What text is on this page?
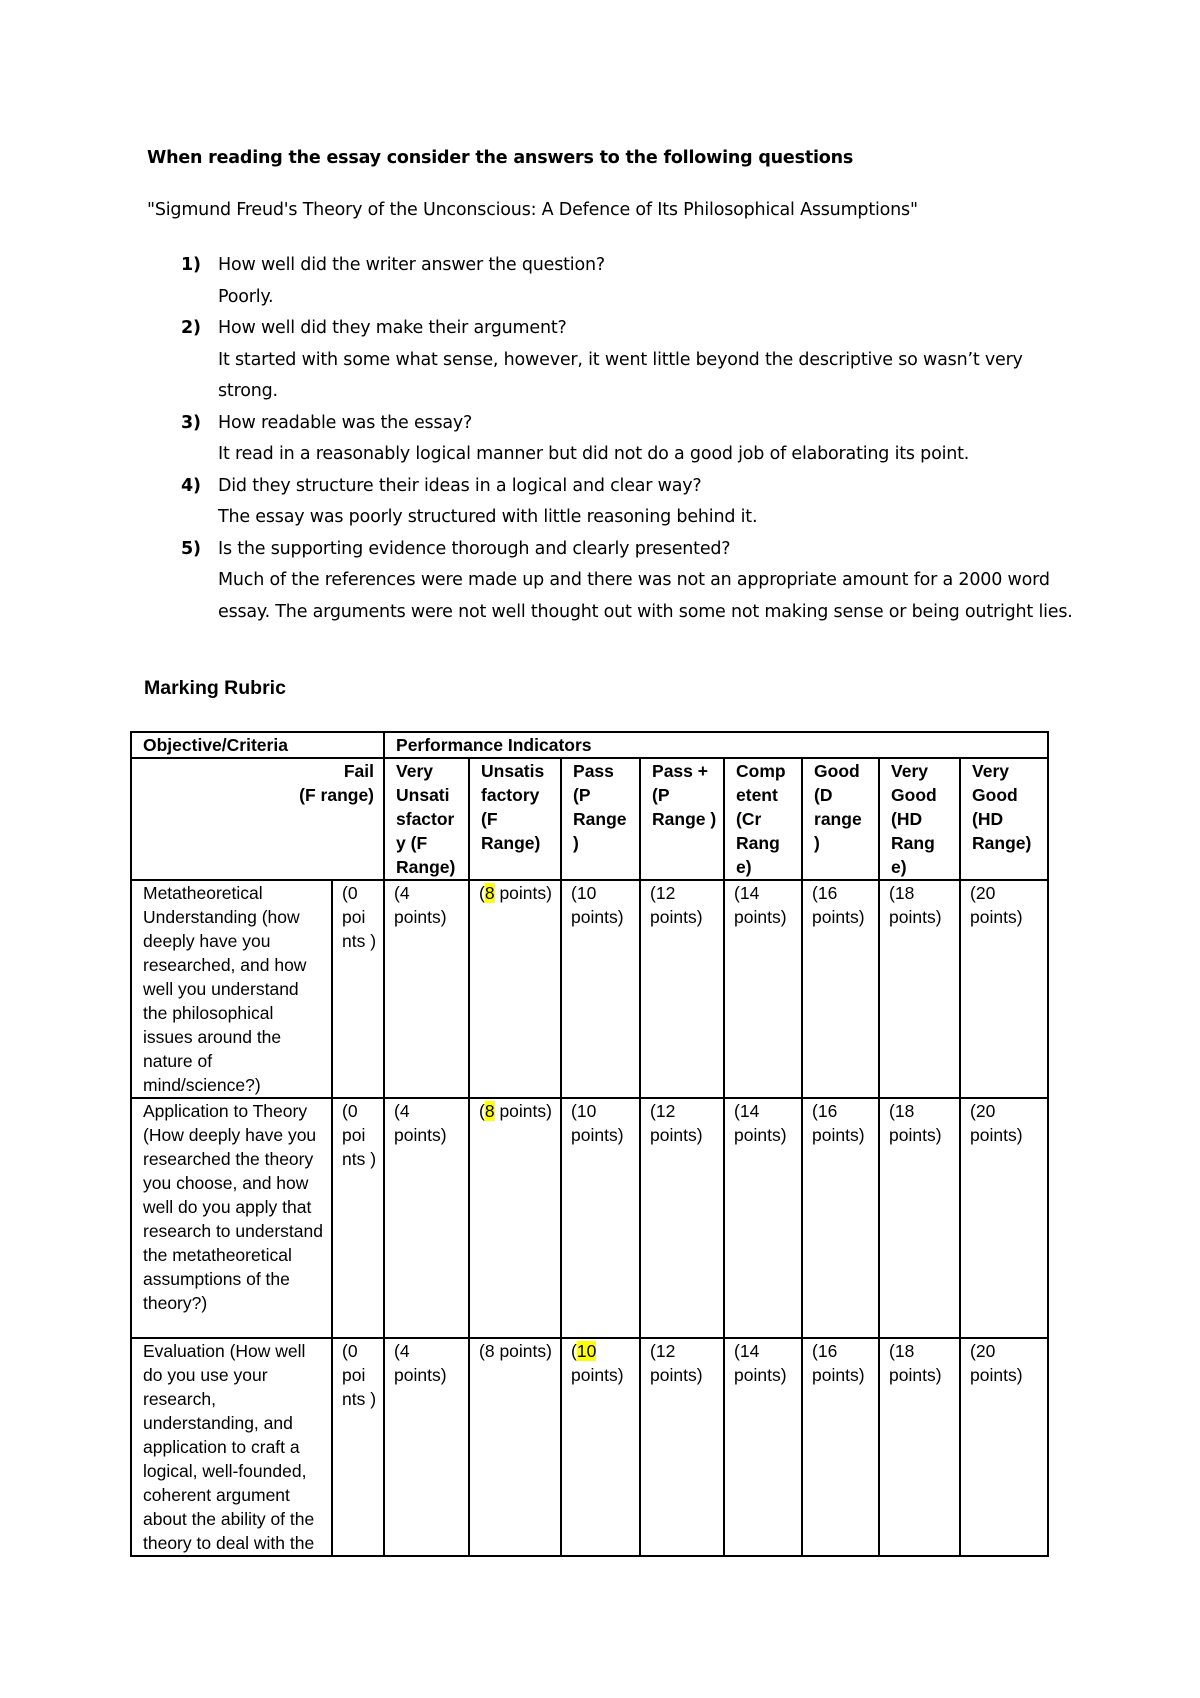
When reading the essay consider the answers to the following questions
"Sigmund Freud's Theory of the Unconscious: A Defence of Its Philosophical Assumptions"
1) How well did the writer answer the question?
Poorly.
2) How well did they make their argument?
It started with some what sense, however, it went little beyond the descriptive so wasn’t very strong.
3) How readable was the essay?
It read in a reasonably logical manner but did not do a good job of elaborating its point.
4) Did they structure their ideas in a logical and clear way?
The essay was poorly structured with little reasoning behind it.
5) Is the supporting evidence thorough and clearly presented?
Much of the references were made up and there was not an appropriate amount for a 2000 word essay. The arguments were not well thought out with some not making sense or being outright lies.
Marking Rubric
Objective/Criteria		Performance Indicators							

Fail
(F range)		Very Unsati sfactor y (F Range)	Unsatis factory (F Range)	Pass (P Range )	Pass + (P Range )	Comp etent (Cr Rang e)	Good (D range )	Very Good (HD Rang e)	Very Good (HD Range)
Metatheoretical Understanding (how deeply have you researched, and how well you understand the philosophical issues around the nature of mind/science?)	(0 poi nts )	(4 points)	(8 points)	(10 points)	(12 points)	(14 points)	(16 points)	(18 points)	(20 points)
Application to Theory (How deeply have you researched the theory you choose, and how well do you apply that research to understand the metatheoretical assumptions of the theory?)	(0 poi nts )	(4 points)	(8 points)	(10 points)	(12 points)	(14 points)	(16 points)	(18 points)	(20 points)
Evaluation (How well do you use your research, understanding, and application to craft a logical, well-founded, coherent argument about the ability of the theory to deal with the	(0 poi nts )	(4 points)	(8 points)	(10 points)	(12 points)	(14 points)	(16 points)	(18 points)	(20 points)
